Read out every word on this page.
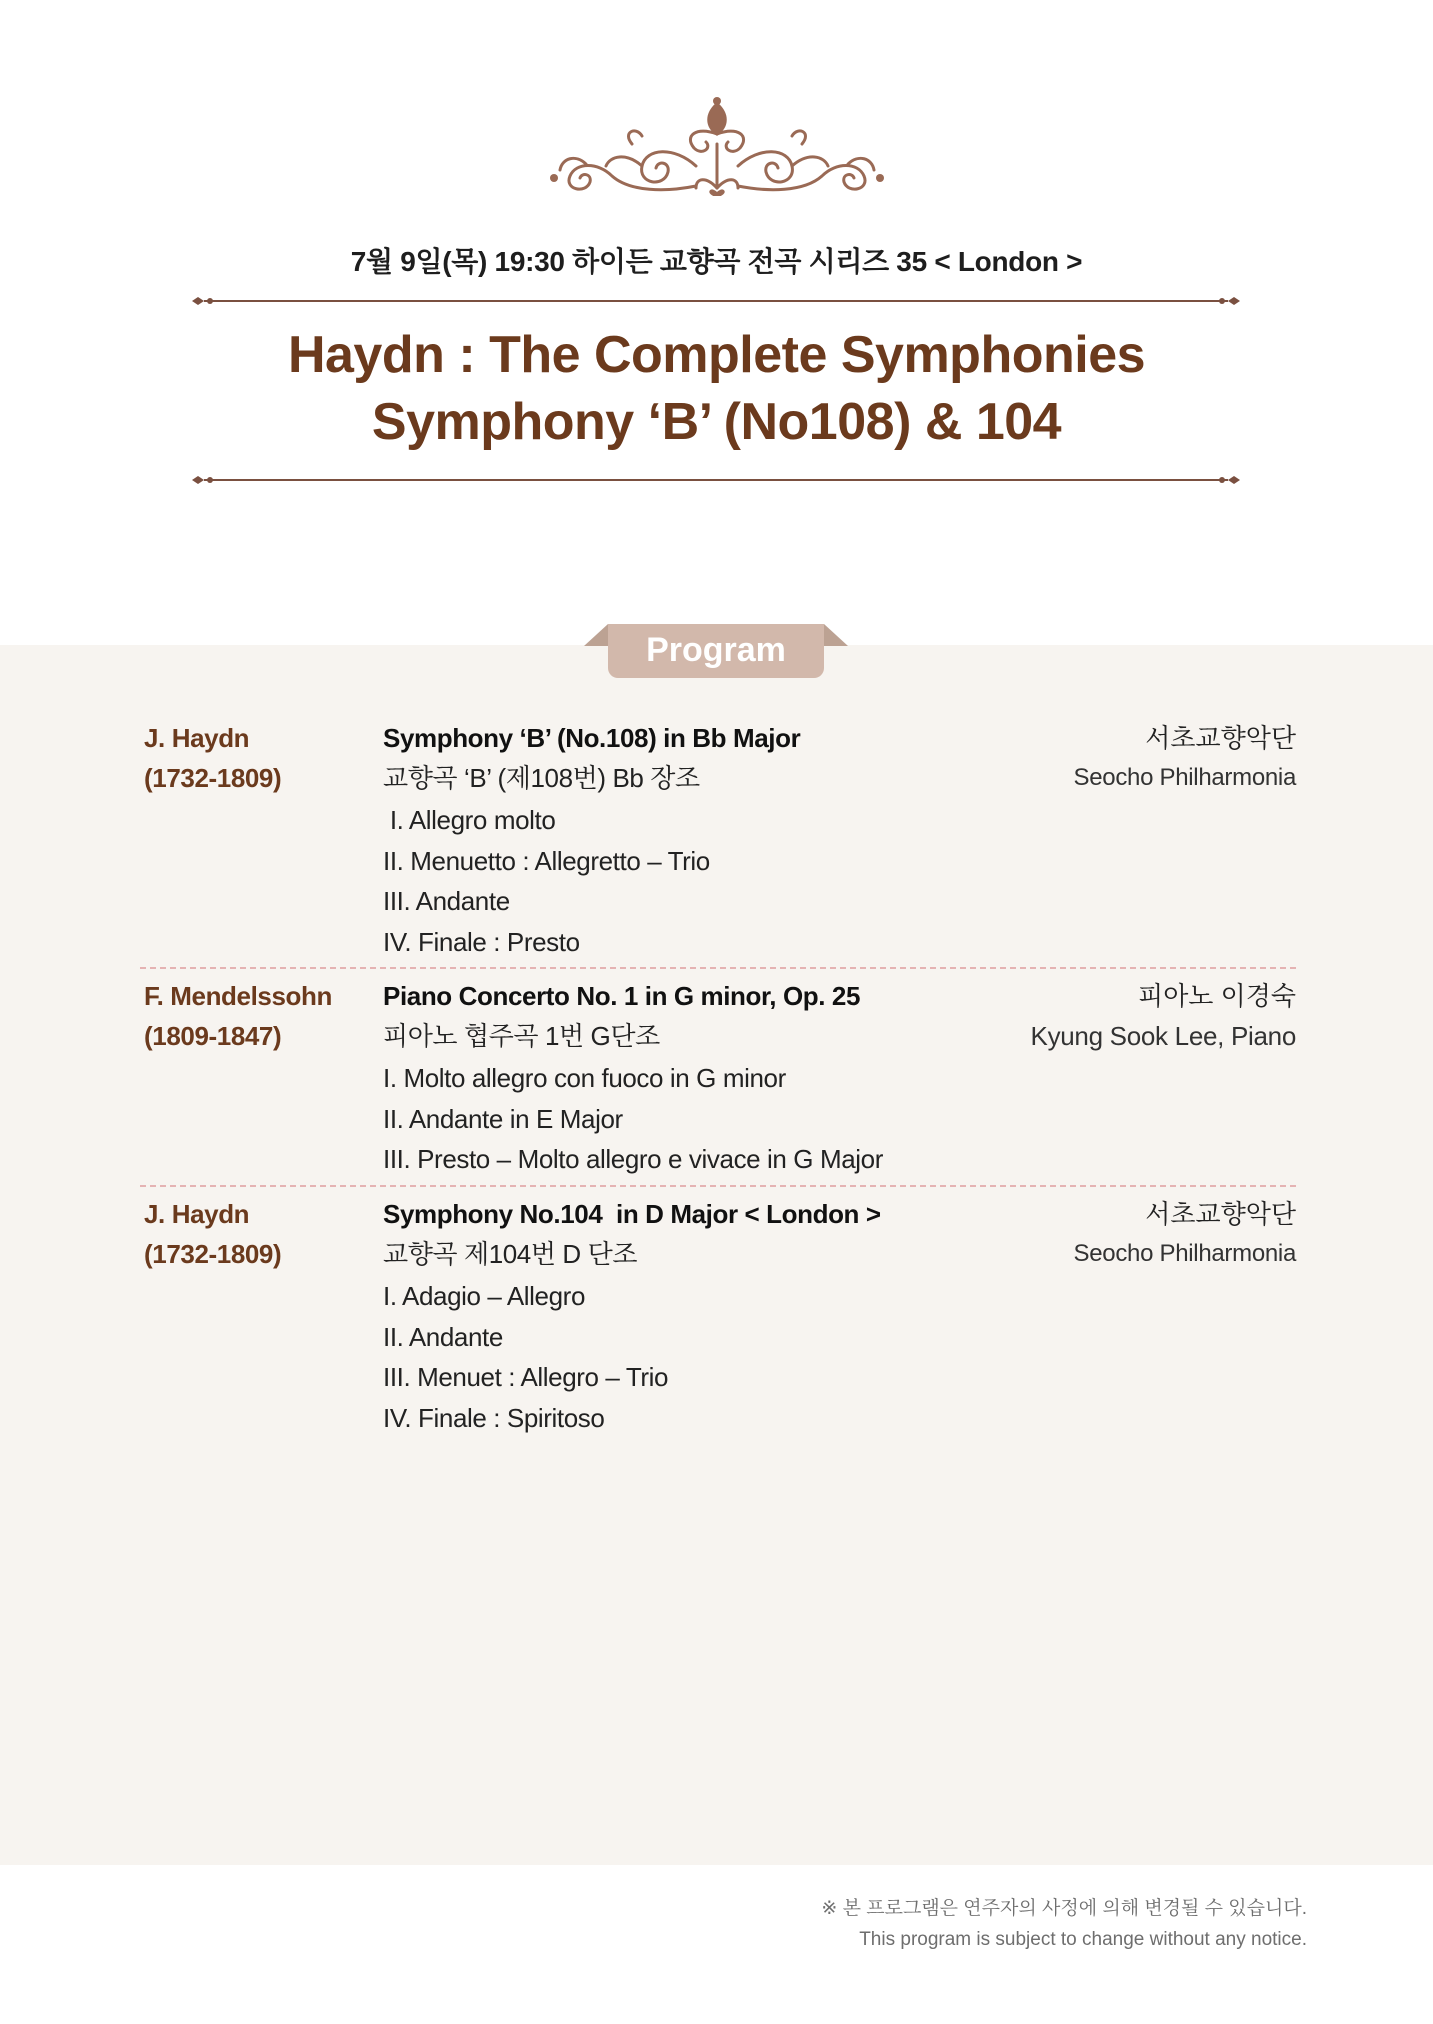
7월 9일(목) 19:30 하이든 교향곡 전곡 시리즈 35 < London >
Haydn : The Complete Symphonies
Symphony ‘B’ (No108) & 104
Program
J. Haydn
(1732-1809)
Symphony ‘B’ (No.108) in Bb Major
교향곡 ‘B’ (제108번) Bb 장조
I. Allegro molto
II. Menuetto : Allegretto – Trio
III. Andante
IV. Finale : Presto
서초교향악단
Seocho Philharmonia
F. Mendelssohn
(1809-1847)
Piano Concerto No. 1 in G minor, Op. 25
피아노 협주곡 1번 G단조
I. Molto allegro con fuoco in G minor
II. Andante in E Major
III. Presto – Molto allegro e vivace in G Major
피아노 이경숙
Kyung Sook Lee, Piano
J. Haydn
(1732-1809)
Symphony No.104  in D Major < London >
교향곡 제104번 D 단조
I. Adagio – Allegro
II. Andante
III. Menuet : Allegro – Trio
IV. Finale : Spiritoso
서초교향악단
Seocho Philharmonia
※ 본 프로그램은 연주자의 사정에 의해 변경될 수 있습니다.
This program is subject to change without any notice.
